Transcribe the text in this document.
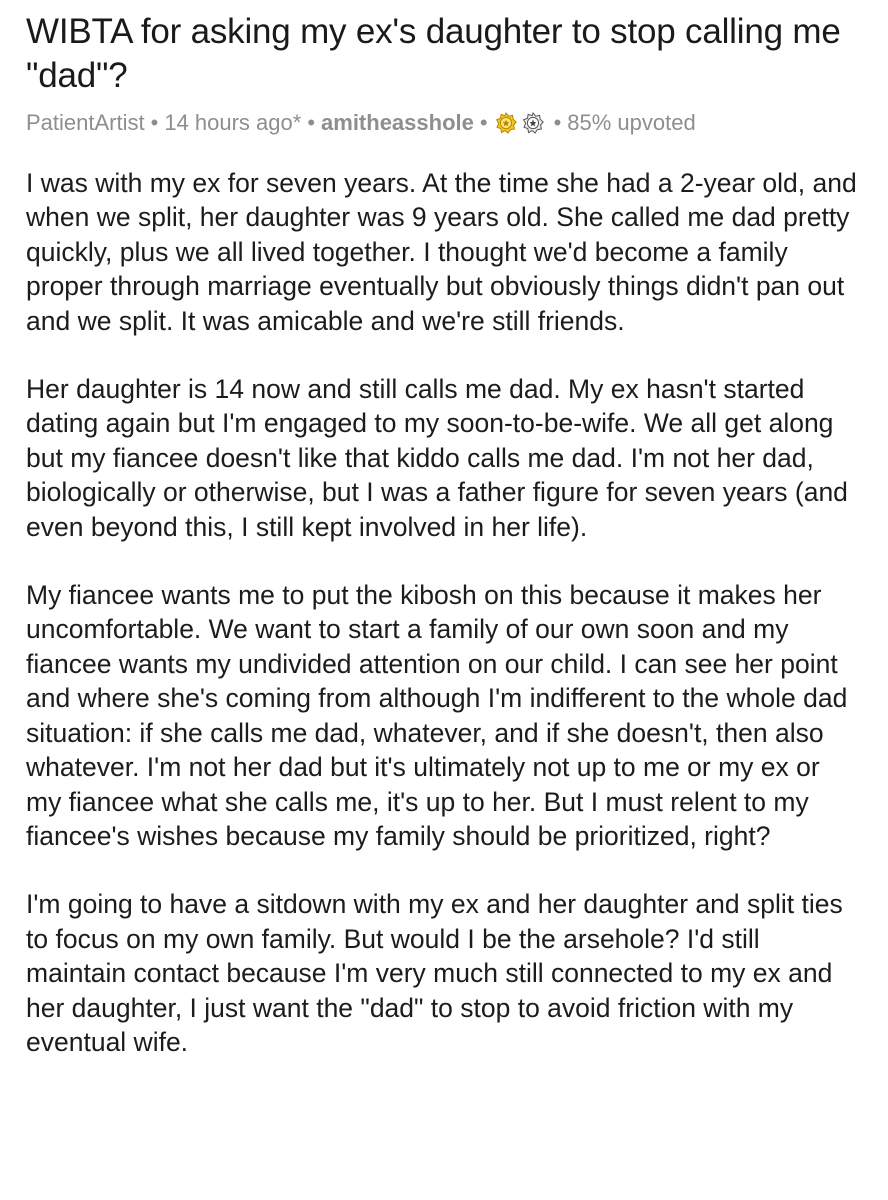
WIBTA for asking my ex's daughter to stop calling me "dad"?
PatientArtist • 14 hours ago* • amitheasshole •	• 85% upvoted

I was with my ex for seven years. At the time she had a 2-year old, and when we split, her daughter was 9 years old. She called me dad pretty quickly, plus we all lived together. I thought we'd become a family proper through marriage eventually but obviously things didn't pan out and we split. It was amicable and we're still friends.

Her daughter is 14 now and still calls me dad. My ex hasn't started dating again but I'm engaged to my soon-to-be-wife. We all get along but my fiancee doesn't like that kiddo calls me dad. I'm not her dad, biologically or otherwise, but I was a father figure for seven years (and even beyond this, I still kept involved in her life).

My fiancee wants me to put the kibosh on this because it makes her uncomfortable. We want to start a family of our own soon and my fiancee wants my undivided attention on our child. I can see her point and where she's coming from although I'm indifferent to the whole dad situation: if she calls me dad, whatever, and if she doesn't, then also whatever. I'm not her dad but it's ultimately not up to me or my ex or my fiancee what she calls me, it's up to her. But I must relent to my fiancee's wishes because my family should be prioritized, right?

I'm going to have a sitdown with my ex and her daughter and split ties to focus on my own family. But would I be the arsehole? I'd still maintain contact because I'm very much still connected to my ex and her daughter, I just want the "dad" to stop to avoid friction with my eventual wife.
